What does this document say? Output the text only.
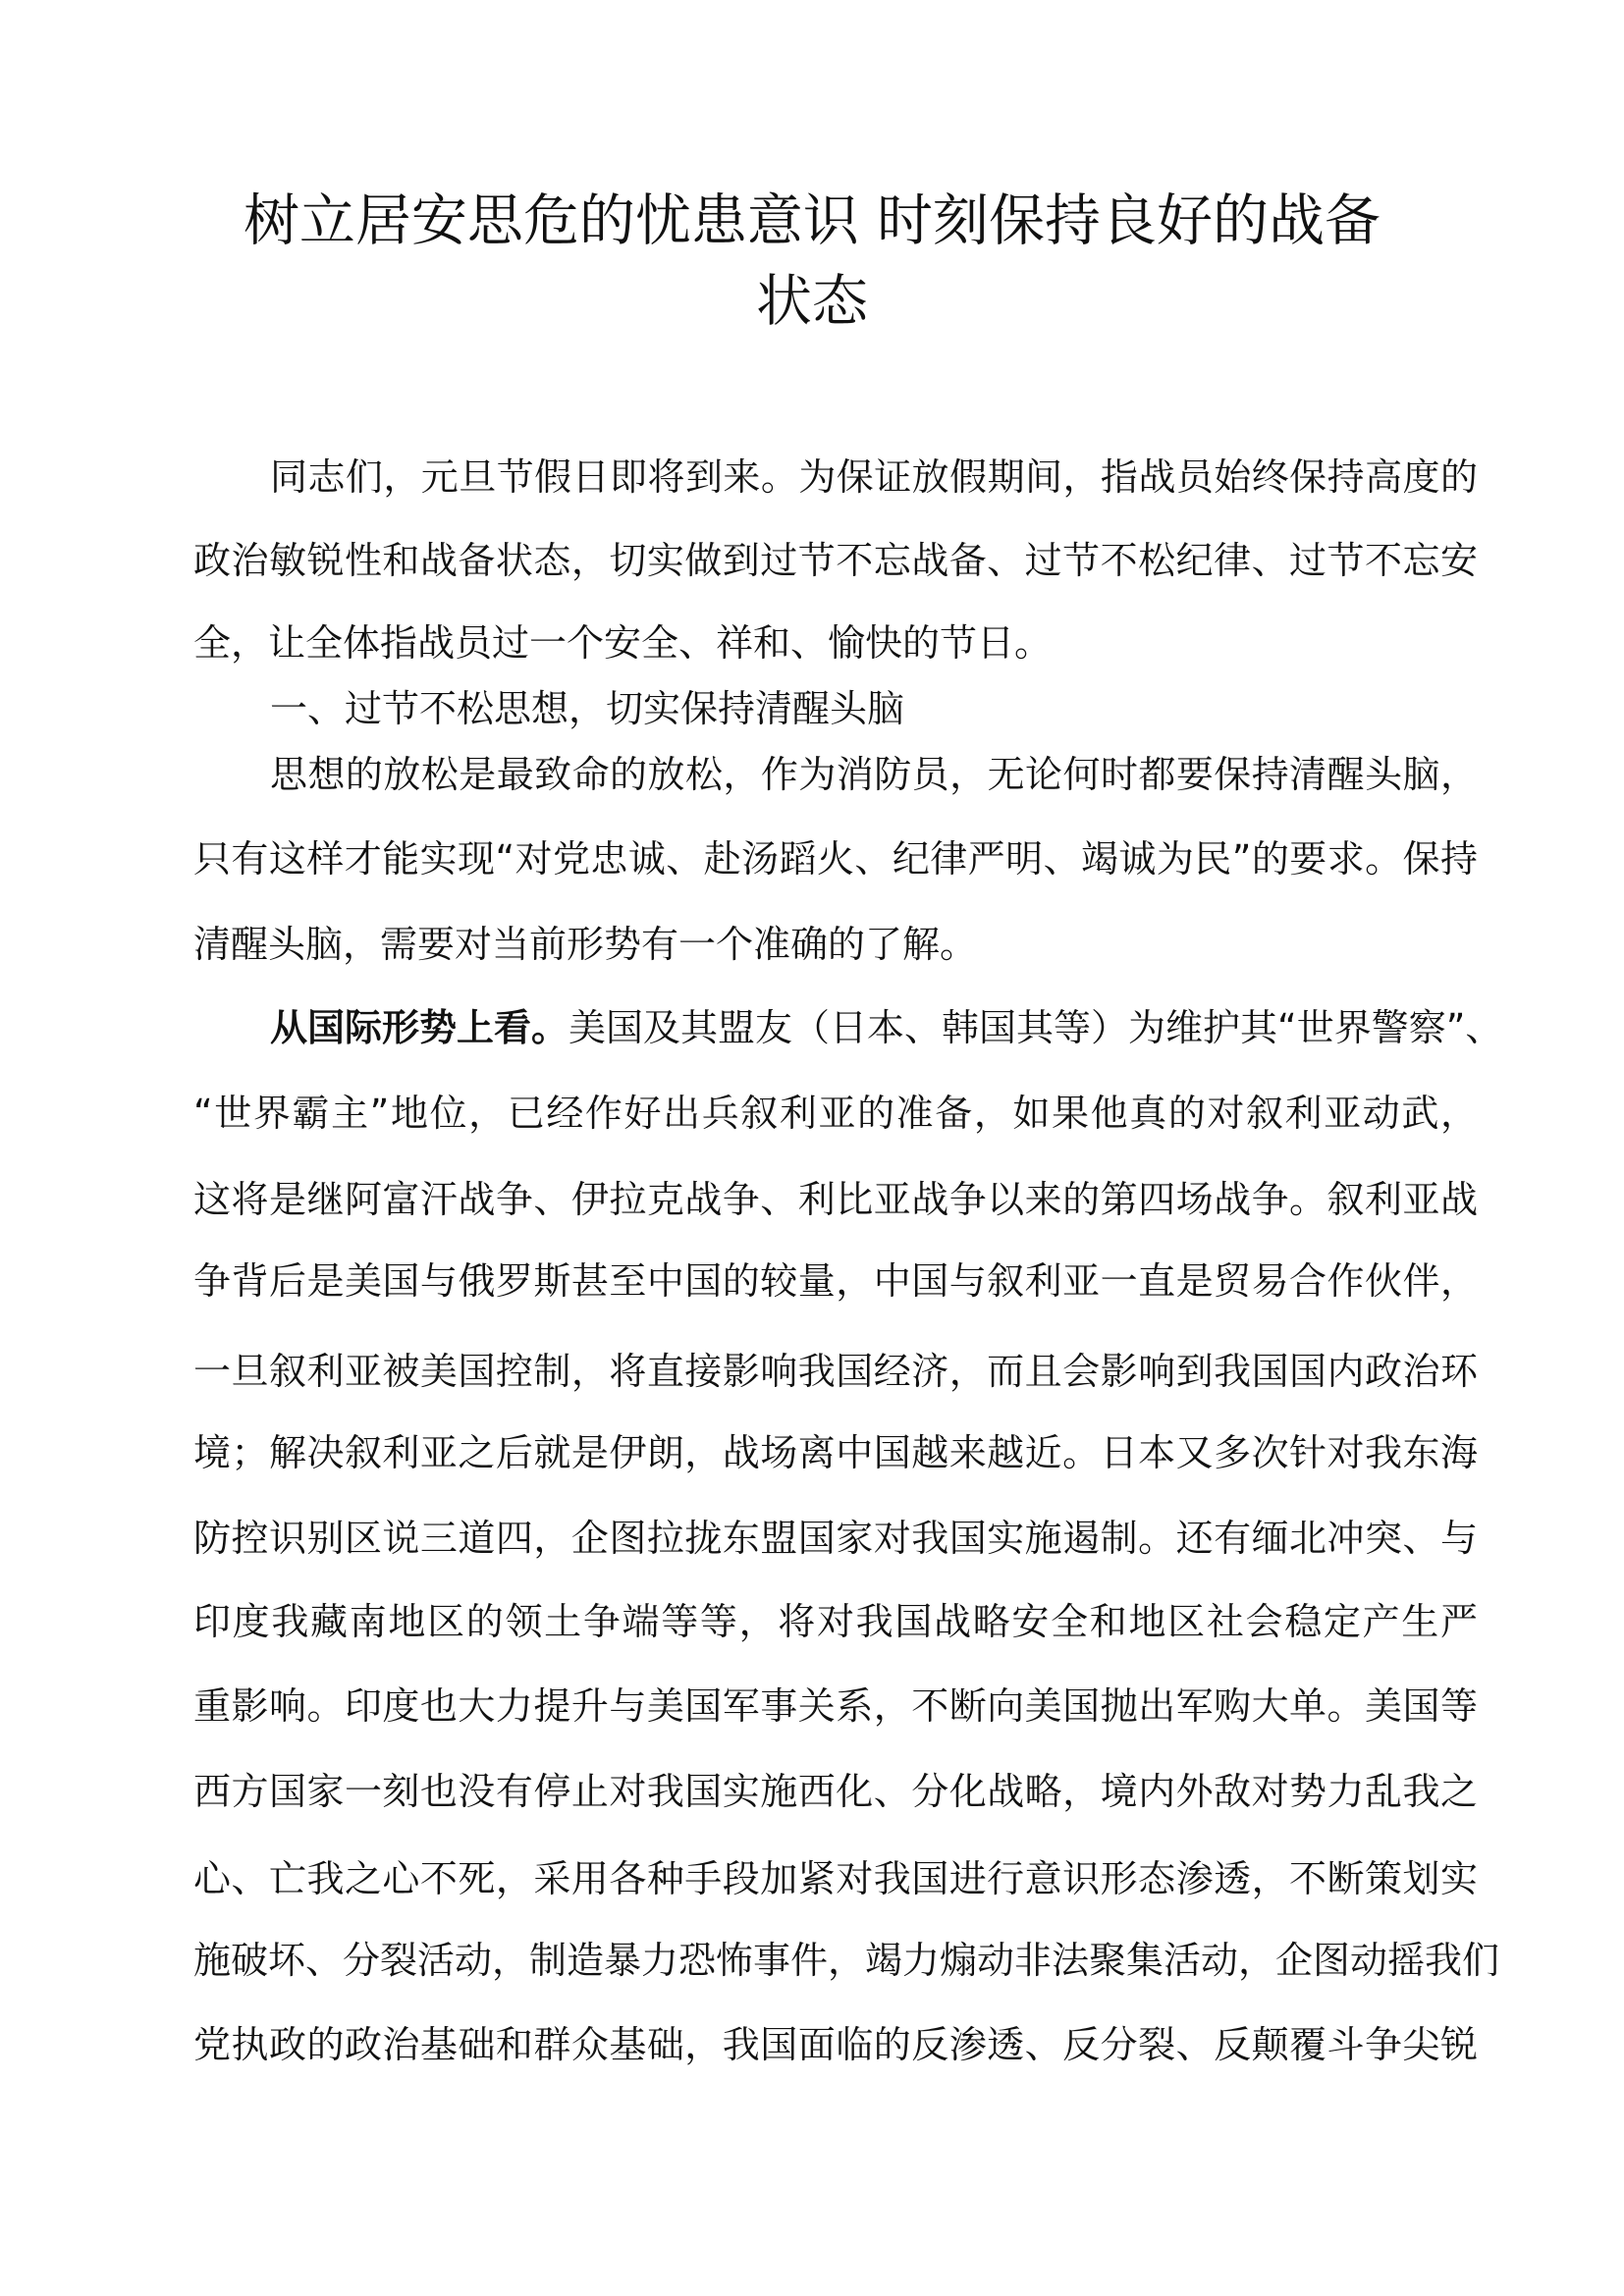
树立居安思危的忧患意识 时刻保持良好的战备
状态
同志们，元旦节假日即将到来。为保证放假期间，指战员始终保持高度的
政治敏锐性和战备状态，切实做到过节不忘战备、过节不松纪律、过节不忘安
全，让全体指战员过一个安全、祥和、愉快的节日。
一、过节不松思想，切实保持清醒头脑
思想的放松是最致命的放松，作为消防员，无论何时都要保持清醒头脑，
只有这样才能实现“对党忠诚、赴汤蹈火、纪律严明、竭诚为民”的要求。保持
清醒头脑，需要对当前形势有一个准确的了解。
从国际形势上看。美国及其盟友（日本、韩国其等）为维护其“世界警察”、
“世界霸主”地位，已经作好出兵叙利亚的准备，如果他真的对叙利亚动武，
这将是继阿富汗战争、伊拉克战争、利比亚战争以来的第四场战争。叙利亚战
争背后是美国与俄罗斯甚至中国的较量，中国与叙利亚一直是贸易合作伙伴，
一旦叙利亚被美国控制，将直接影响我国经济，而且会影响到我国国内政治环
境；解决叙利亚之后就是伊朗，战场离中国越来越近。日本又多次针对我东海
防控识别区说三道四，企图拉拢东盟国家对我国实施遏制。还有缅北冲突、与
印度我藏南地区的领土争端等等，将对我国战略安全和地区社会稳定产生严
重影响。印度也大力提升与美国军事关系，不断向美国抛出军购大单。美国等
西方国家一刻也没有停止对我国实施西化、分化战略，境内外敌对势力乱我之
心、亡我之心不死，采用各种手段加紧对我国进行意识形态渗透，不断策划实
施破坏、分裂活动，制造暴力恐怖事件，竭力煽动非法聚集活动，企图动摇我们
党执政的政治基础和群众基础，我国面临的反渗透、反分裂、反颠覆斗争尖锐
